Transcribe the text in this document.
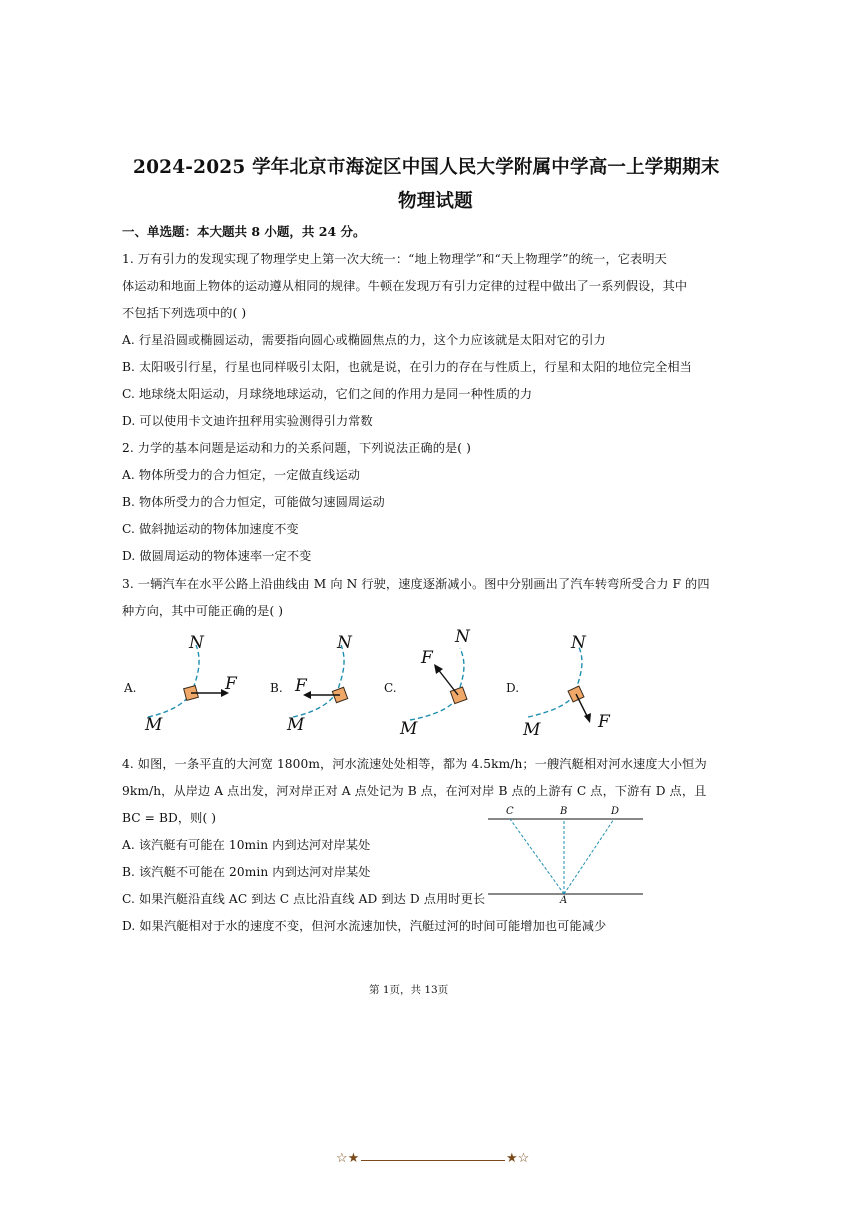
2024-2025 学年北京市海淀区中国人民大学附属中学高一上学期期末
物理试题
一、单选题：本大题共 8 小题，共 24 分。
1. 万有引力的发现实现了物理学史上第一次大统一：“地上物理学”和“天上物理学”的统一，它表明天
体运动和地面上物体的运动遵从相同的规律。牛顿在发现万有引力定律的过程中做出了一系列假设，其中
不包括下列选项中的( )
A. 行星沿圆或椭圆运动，需要指向圆心或椭圆焦点的力，这个力应该就是太阳对它的引力
B. 太阳吸引行星，行星也同样吸引太阳，也就是说，在引力的存在与性质上，行星和太阳的地位完全相当
C. 地球绕太阳运动，月球绕地球运动，它们之间的作用力是同一种性质的力
D. 可以使用卡文迪许扭秤用实验测得引力常数
2. 力学的基本问题是运动和力的关系问题，下列说法正确的是( )
A. 物体所受力的合力恒定，一定做直线运动
B. 物体所受力的合力恒定，可能做匀速圆周运动
C. 做斜抛运动的物体加速度不变
D. 做圆周运动的物体速率一定不变
3. 一辆汽车在水平公路上沿曲线由 M 向 N 行驶，速度逐渐减小。图中分别画出了汽车转弯所受合力 F 的四
种方向，其中可能正确的是( )
A.
N
M
F	B.
N
M
F	C.
N
M
F
D.
N
M	F
4. 如图，一条平直的大河宽 1800m，河水流速处处相等，都为 4.5km/h；一艘汽艇相对河水速度大小恒为
9km/h，从岸边 A 点出发，河对岸正对 A 点处记为 B 点，在河对岸 B 点的上游有 C 点，下游有 D 点，且
BC = BD，则( )
A. 该汽艇有可能在 10min 内到达河对岸某处
B. 该汽艇不可能在 20min 内到达河对岸某处
C. 如果汽艇沿直线 AC 到达 C 点比沿直线 AD 到达 D 点用时更长
D. 如果汽艇相对于水的速度不变，但河水流速加快，汽艇过河的时间可能增加也可能减少
C	B	D
A
第 1页，共 13页
☆★	★☆
